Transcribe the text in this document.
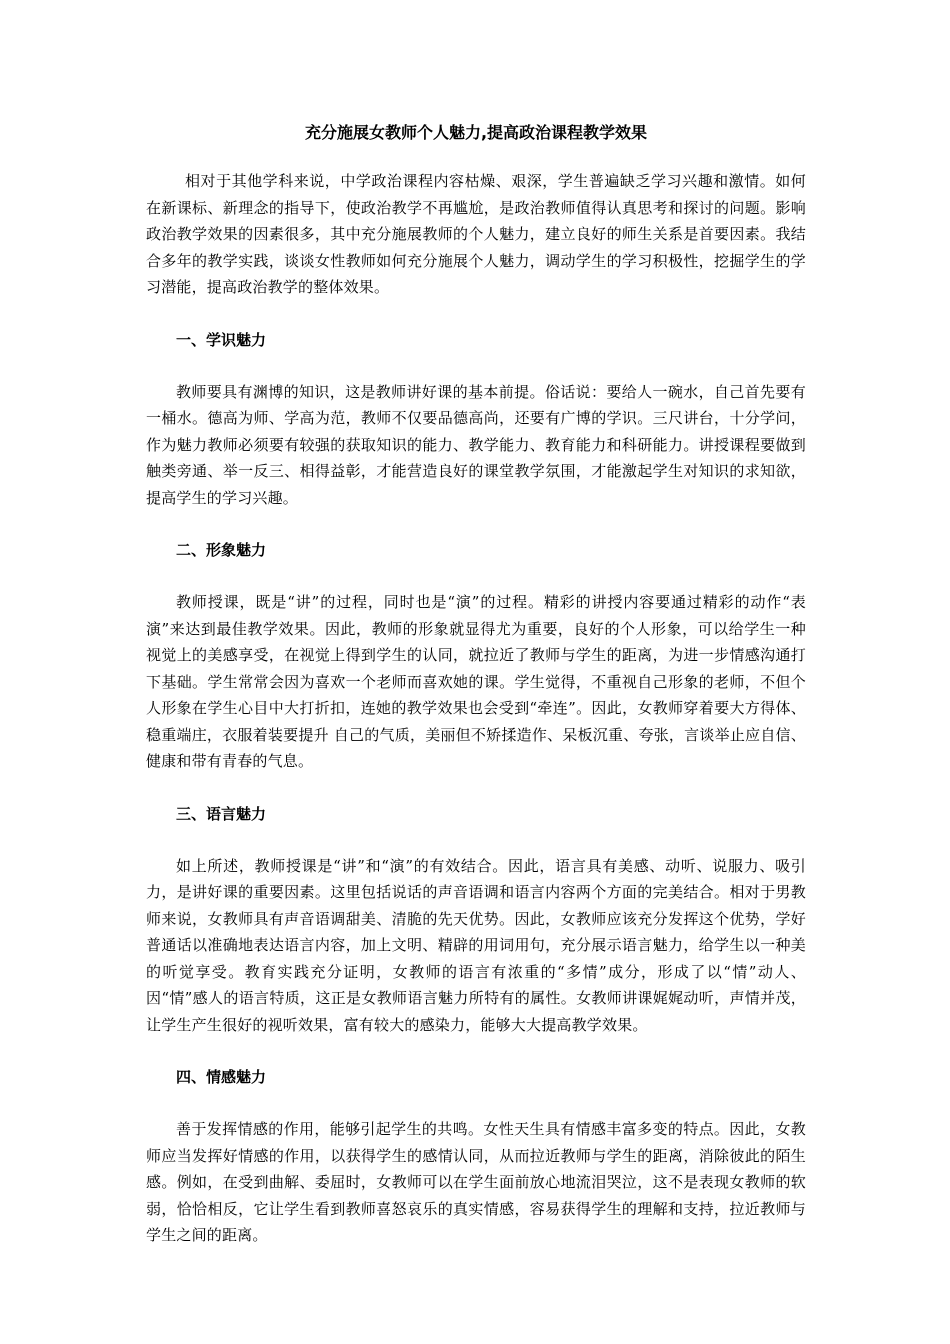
充分施展女教师个人魅力,提高政治课程教学效果

相对于其他学科来说，中学政治课程内容枯燥、艰深，学生普遍缺乏学习兴趣和激情。如何在新课标、新理念的指导下，使政治教学不再尴尬，是政治教师值得认真思考和探讨的问题。影响政治教学效果的因素很多，其中充分施展教师的个人魅力，建立良好的师生关系是首要因素。我结合多年的教学实践，谈谈女性教师如何充分施展个人魅力，调动学生的学习积极性，挖掘学生的学习潜能，提高政治教学的整体效果。

一、学识魅力

教师要具有渊博的知识，这是教师讲好课的基本前提。俗话说：要给人一碗水，自己首先要有一桶水。德高为师、学高为范，教师不仅要品德高尚，还要有广博的学识。三尺讲台，十分学问，作为魅力教师必须要有较强的获取知识的能力、教学能力、教育能力和科研能力。讲授课程要做到触类旁通、举一反三、相得益彰，才能营造良好的课堂教学氛围，才能激起学生对知识的求知欲，提高学生的学习兴趣。

二、形象魅力

教师授课，既是“讲”的过程，同时也是“演”的过程。精彩的讲授内容要通过精彩的动作“表演”来达到最佳教学效果。因此，教师的形象就显得尤为重要，良好的个人形象，可以给学生一种视觉上的美感享受，在视觉上得到学生的认同，就拉近了教师与学生的距离，为进一步情感沟通打下基础。学生常常会因为喜欢一个老师而喜欢她的课。学生觉得，不重视自己形象的老师，不但个人形象在学生心目中大打折扣，连她的教学效果也会受到“牵连”。因此，女教师穿着要大方得体、稳重端庄，衣服着装要提升 自己的气质，美丽但不矫揉造作、呆板沉重、夸张，言谈举止应自信、健康和带有青春的气息。

三、语言魅力

如上所述，教师授课是“讲”和“演”的有效结合。因此，语言具有美感、动听、说服力、吸引力，是讲好课的重要因素。这里包括说话的声音语调和语言内容两个方面的完美结合。相对于男教师来说，女教师具有声音语调甜美、清脆的先天优势。因此，女教师应该充分发挥这个优势，学好普通话以准确地表达语言内容，加上文明、精辟的用词用句，充分展示语言魅力，给学生以一种美的听觉享受。教育实践充分证明，女教师的语言有浓重的“多情”成分，形成了以“情”动人、因“情”感人的语言特质，这正是女教师语言魅力所特有的属性。女教师讲课娓娓动听，声情并茂，让学生产生很好的视听效果，富有较大的感染力，能够大大提高教学效果。

四、情感魅力

善于发挥情感的作用，能够引起学生的共鸣。女性天生具有情感丰富多变的特点。因此，女教师应当发挥好情感的作用，以获得学生的感情认同，从而拉近教师与学生的距离，消除彼此的陌生感。例如，在受到曲解、委屈时，女教师可以在学生面前放心地流泪哭泣，这不是表现女教师的软弱，恰恰相反，它让学生看到教师喜怒哀乐的真实情感，容易获得学生的理解和支持，拉近教师与学生之间的距离。
